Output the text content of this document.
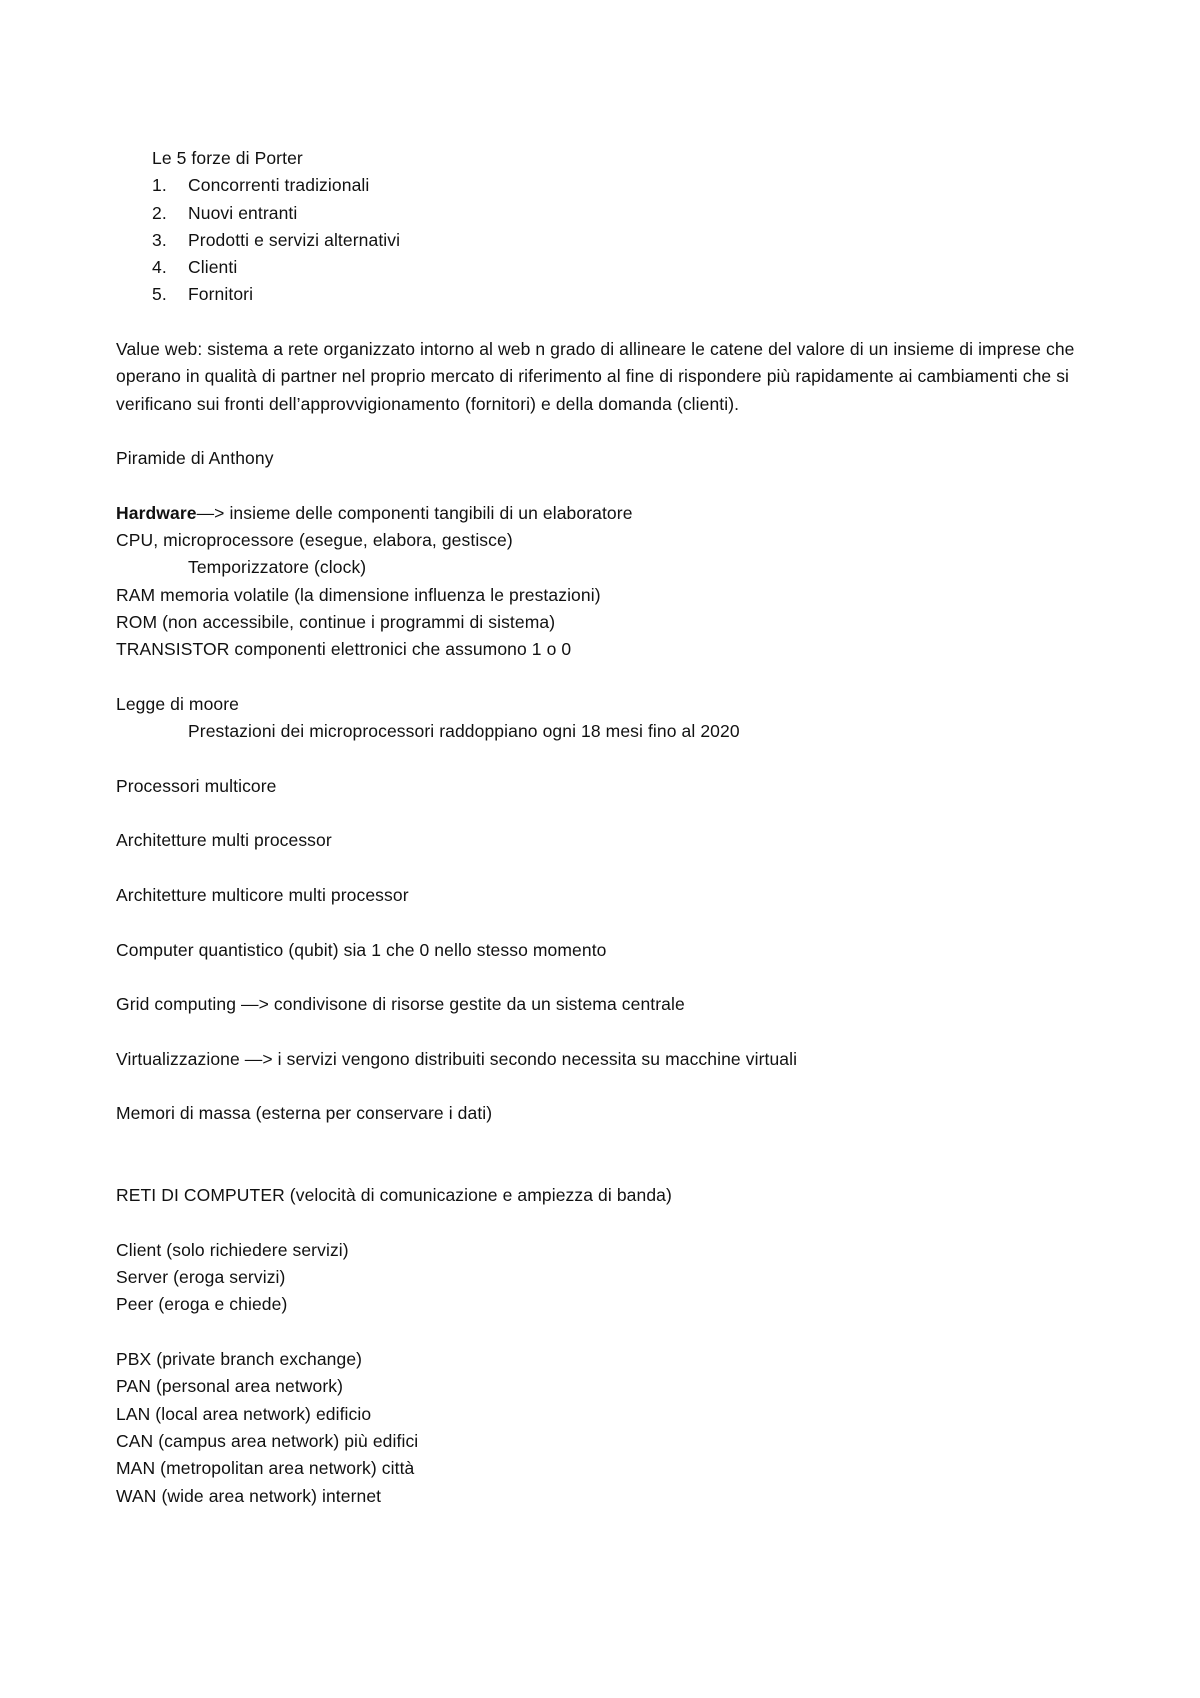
Le 5 forze di Porter
1.	Concorrenti tradizionali
2.	Nuovi entranti
3.	Prodotti e servizi alternativi
4.	Clienti
5.	Fornitori
Value web: sistema a rete organizzato intorno al web n grado di allineare le catene del valore di un insieme di imprese che operano in qualità di partner nel proprio mercato di riferimento al fine di rispondere più rapidamente ai cambiamenti che si verificano sui fronti dell’approvvigionamento (fornitori) e della domanda (clienti).
Piramide di Anthony
Hardware—> insieme delle componenti tangibili di un elaboratore
CPU, microprocessore (esegue, elabora, gestisce)
Temporizzatore (clock)
RAM memoria volatile (la dimensione influenza le prestazioni)
ROM (non accessibile, continue i programmi di sistema)
TRANSISTOR componenti elettronici che assumono 1 o 0
Legge di moore
Prestazioni dei microprocessori raddoppiano ogni 18 mesi fino al 2020
Processori multicore
Architetture multi processor
Architetture multicore multi processor
Computer quantistico (qubit) sia 1 che 0 nello stesso momento
Grid computing —> condivisone di risorse gestite da un sistema centrale
Virtualizzazione —> i servizi vengono distribuiti secondo necessita su macchine virtuali
Memori di massa (esterna per conservare i dati)
RETI DI COMPUTER (velocità di comunicazione e ampiezza di banda)
Client (solo richiedere servizi)
Server (eroga servizi)
Peer (eroga e chiede)
PBX (private branch exchange)
PAN (personal area network)
LAN (local area network) edificio
CAN (campus area network) più edifici
MAN (metropolitan area network) città
WAN (wide area network) internet
